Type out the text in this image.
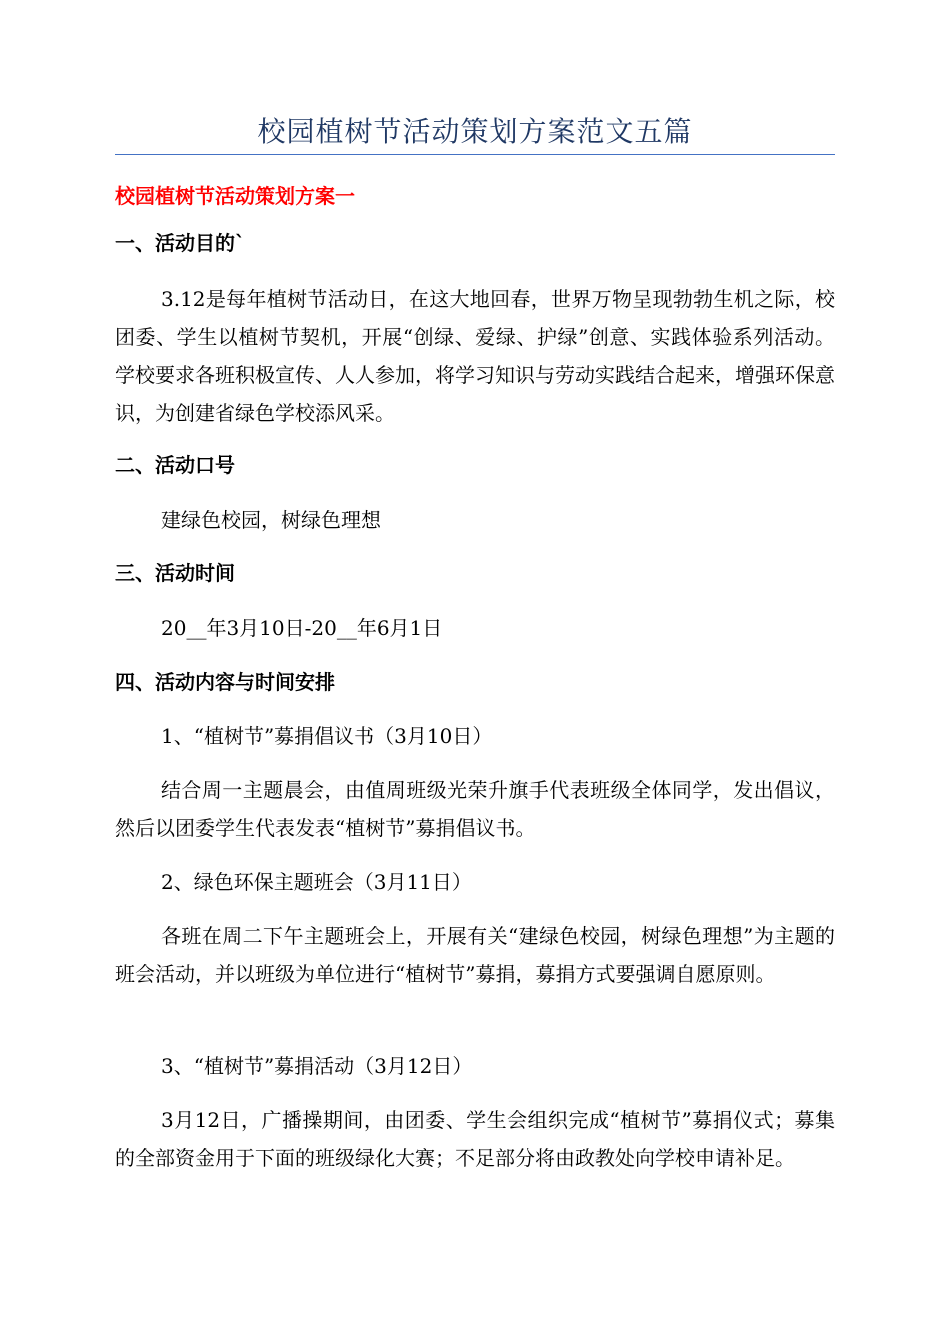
校园植树节活动策划方案范文五篇
校园植树节活动策划方案一
一、活动目的`

3.12是每年植树节活动日，在这大地回春，世界万物呈现勃勃生机之际，校团委、学生以植树节契机，开展“创绿、爱绿、护绿”创意、实践体验系列活动。学校要求各班积极宣传、人人参加，将学习知识与劳动实践结合起来，增强环保意识，为创建省绿色学校添风采。

二、活动口号

建绿色校园，树绿色理想

三、活动时间

20__年3月10日-20__年6月1日

四、活动内容与时间安排

1、“植树节”募捐倡议书（3月10日）

结合周一主题晨会，由值周班级光荣升旗手代表班级全体同学，发出倡议，然后以团委学生代表发表“植树节”募捐倡议书。

2、绿色环保主题班会（3月11日）

各班在周二下午主题班会上，开展有关“建绿色校园，树绿色理想”为主题的班会活动，并以班级为单位进行“植树节”募捐，募捐方式要强调自愿原则。

3、“植树节”募捐活动（3月12日）

3月12日，广播操期间，由团委、学生会组织完成“植树节”募捐仪式；募集的全部资金用于下面的班级绿化大赛；不足部分将由政教处向学校申请补足。
